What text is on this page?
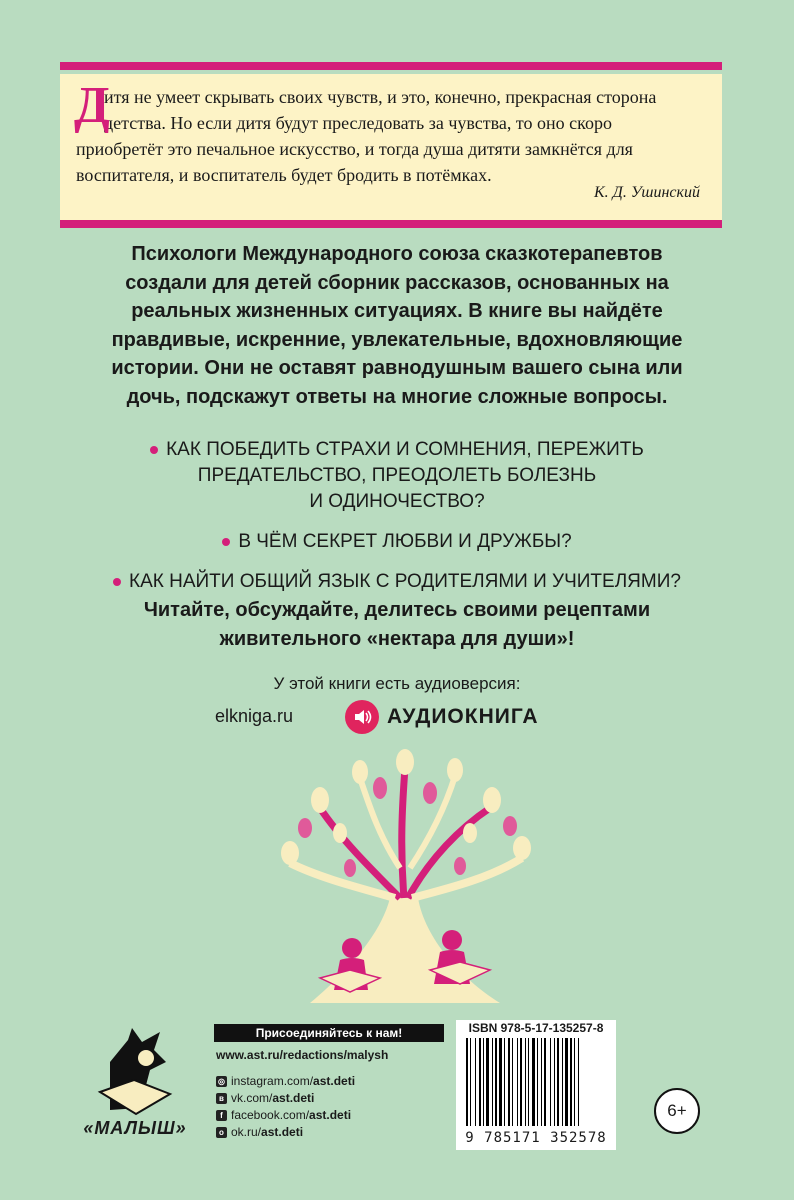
Д

итя не умеет скрывать своих чувств, и это, конечно, прекрасная сторона
детства. Но если дитя будут преследовать за чувства, то оно скоро
приобретёт это печальное искусство, и тогда душа дитяти замкнётся для
воспитателя, и воспитатель будет бродить в потёмках.

К. Д. Ушинский

Психологи Международного союза сказкотерапевтов
создали для детей сборник рассказов, основанных на
реальных жизненных ситуациях. В книге вы найдёте
правдивые, искренние, увлекательные, вдохновляющие
истории. Они не оставят равнодушным вашего сына или
дочь, подскажут ответы на многие сложные вопросы.

КАК ПОБЕДИТЬ СТРАХИ И СОМНЕНИЯ, ПЕРЕЖИТЬ
ПРЕДАТЕЛЬСТВО, ПРЕОДОЛЕТЬ БОЛЕЗНЬ
И ОДИНОЧЕСТВО?

В ЧЁМ СЕКРЕТ ЛЮБВИ И ДРУЖБЫ?

КАК НАЙТИ ОБЩИЙ ЯЗЫК С РОДИТЕЛЯМИ И УЧИТЕЛЯМИ?

Читайте, обсуждайте, делитесь своими рецептами
живительного «нектара для души»!

У этой книги есть аудиоверсия:
elkniga.ru	АУДИОКНИГА
«МАЛЫШ»
Присоединяйтесь к нам!
www.ast.ru/redactions/malysh
◎ instagram.com/ ast.deti
в vk.com/ ast.deti
f facebook.com/ ast.deti
o ok.ru/ ast.deti
ISBN 978-5-17-135257-8
9 785171 352578
6+
